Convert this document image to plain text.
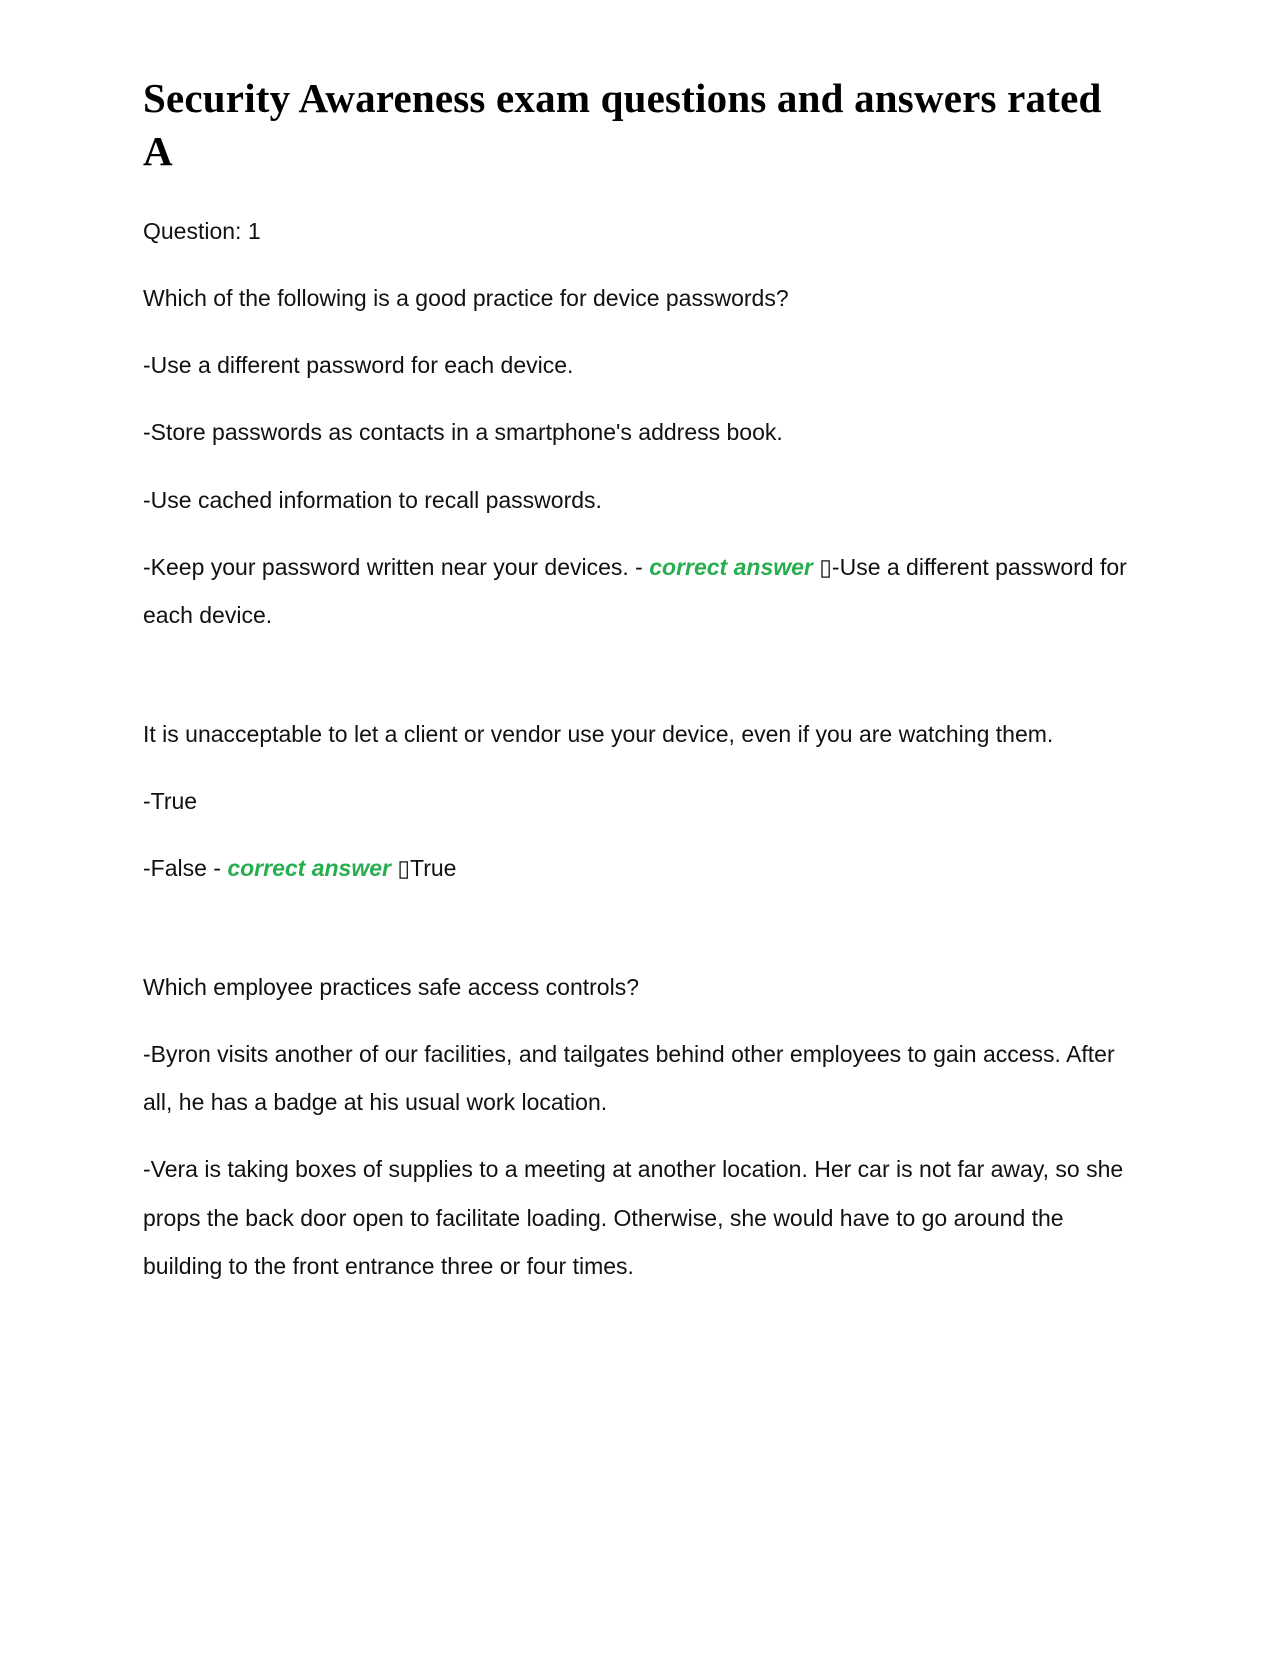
Security Awareness exam questions and answers rated A

Question: 1

Which of the following is a good practice for device passwords?

-Use a different password for each device.

-Store passwords as contacts in a smartphone's address book.

-Use cached information to recall passwords.

-Keep your password written near your devices. - correct answer ▯-Use a different password for each device.

It is unacceptable to let a client or vendor use your device, even if you are watching them.

-True

-False - correct answer ▯True

Which employee practices safe access controls?

-Byron visits another of our facilities, and tailgates behind other employees to gain access. After all, he has a badge at his usual work location.

-Vera is taking boxes of supplies to a meeting at another location. Her car is not far away, so she props the back door open to facilitate loading. Otherwise, she would have to go around the building to the front entrance three or four times.
